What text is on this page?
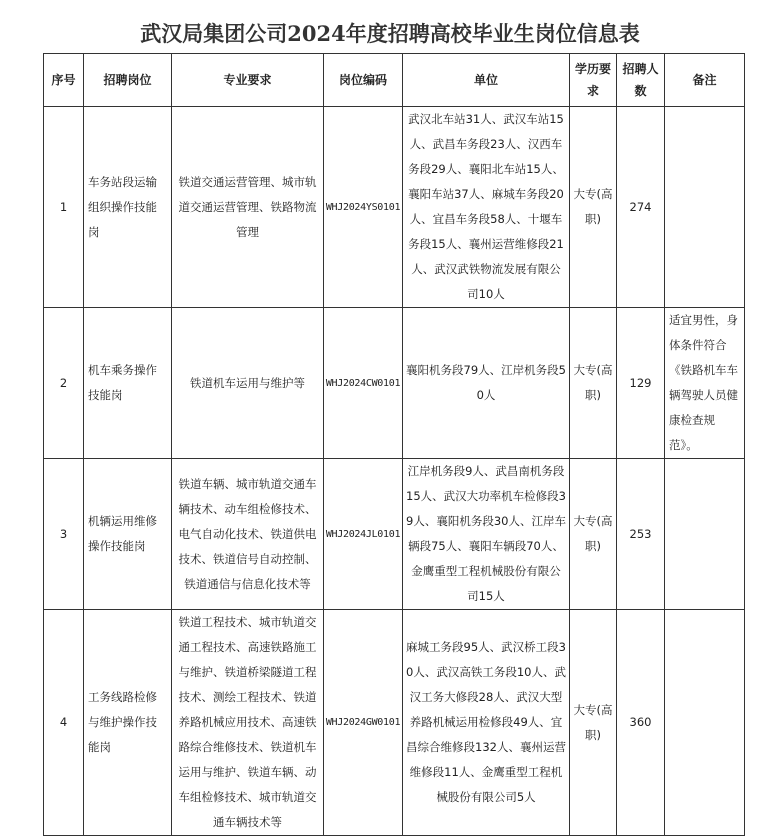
武汉局集团公司2024年度招聘高校毕业生岗位信息表
序号	招聘岗位	专业要求	岗位编码	单位	学历要求	招聘人数	备注
1	车务站段运输组织操作技能岗	铁道交通运营管理、城市轨道交通运营管理、铁路物流管理	WHJ2024YS0101	武汉北车站31人、武汉车站15人、武昌车务段23人、汉西车务段29人、襄阳北车站15人、襄阳车站37人、麻城车务段20人、宜昌车务段58人、十堰车务段15人、襄州运营维修段21人、武汉武铁物流发展有限公司10人	大专(高职)	274	
2	机车乘务操作技能岗	铁道机车运用与维护等	WHJ2024CW0101	襄阳机务段79人、江岸机务段50人	大专(高职)	129	适宜男性，身体条件符合《铁路机车车辆驾驶人员健康检查规范》。
3	机辆运用维修操作技能岗	铁道车辆、城市轨道交通车辆技术、动车组检修技术、电气自动化技术、铁道供电技术、铁道信号自动控制、铁道通信与信息化技术等	WHJ2024JL0101	江岸机务段9人、武昌南机务段15人、武汉大功率机车检修段39人、襄阳机务段30人、江岸车辆段75人、襄阳车辆段70人、金鹰重型工程机械股份有限公司15人	大专(高职)	253	
4	工务线路检修与维护操作技能岗	铁道工程技术、城市轨道交通工程技术、高速铁路施工与维护、铁道桥梁隧道工程技术、测绘工程技术、铁道养路机械应用技术、高速铁路综合维修技术、铁道机车运用与维护、铁道车辆、动车组检修技术、城市轨道交通车辆技术等	WHJ2024GW0101	麻城工务段95人、武汉桥工段30人、武汉高铁工务段10人、武汉工务大修段28人、武汉大型养路机械运用检修段49人、宜昌综合维修段132人、襄州运营维修段11人、金鹰重型工程机械股份有限公司5人	大专(高职)	360	
